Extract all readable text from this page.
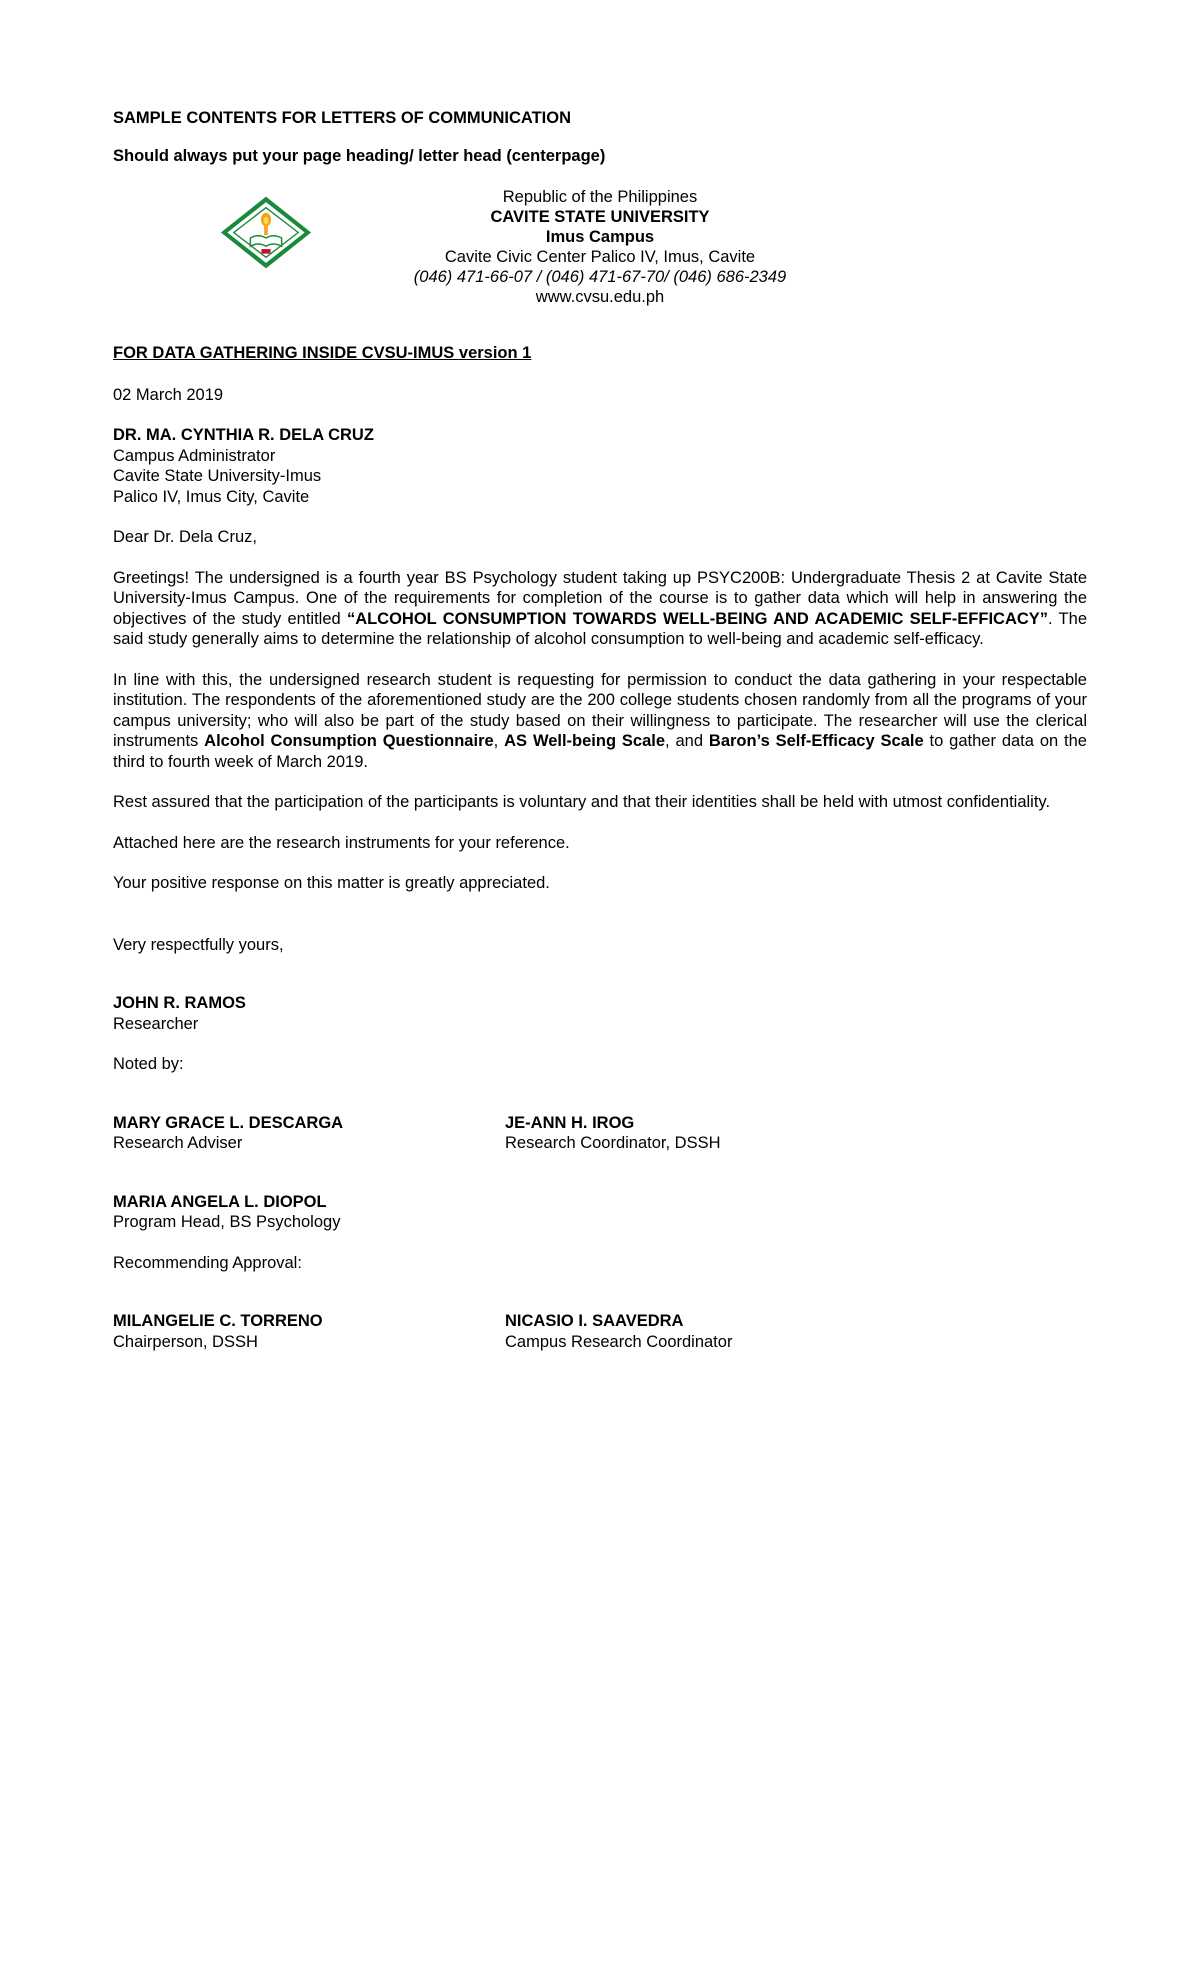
SAMPLE CONTENTS FOR LETTERS OF COMMUNICATION

Should always put your page heading/ letter head (centerpage)

Republic of the Philippines
CAVITE STATE UNIVERSITY
Imus Campus
Cavite Civic Center Palico IV, Imus, Cavite
(046) 471-66-07 / (046) 471-67-70/ (046) 686-2349
www.cvsu.edu.ph

FOR DATA GATHERING INSIDE CVSU-IMUS version 1

02 March 2019

DR. MA. CYNTHIA R. DELA CRUZ
Campus Administrator
Cavite State University-Imus
Palico IV, Imus City, Cavite

Dear Dr. Dela Cruz,

Greetings! The undersigned is a fourth year BS Psychology student taking up PSYC200B: Undergraduate Thesis 2 at Cavite State University-Imus Campus. One of the requirements for completion of the course is to gather data which will help in answering the objectives of the study entitled “ALCOHOL CONSUMPTION TOWARDS WELL-BEING AND ACADEMIC SELF-EFFICACY”. The said study generally aims to determine the relationship of alcohol consumption to well-being and academic self-efficacy.

In line with this, the undersigned research student is requesting for permission to conduct the data gathering in your respectable institution. The respondents of the aforementioned study are the 200 college students chosen randomly from all the programs of your campus university; who will also be part of the study based on their willingness to participate. The researcher will use the clerical instruments Alcohol Consumption Questionnaire, AS Well-being Scale, and Baron’s Self-Efficacy Scale to gather data on the third to fourth week of March 2019.

Rest assured that the participation of the participants is voluntary and that their identities shall be held with utmost confidentiality.

Attached here are the research instruments for your reference.

Your positive response on this matter is greatly appreciated.

Very respectfully yours,

JOHN R. RAMOS
Researcher

Noted by:

MARY GRACE L. DESCARGA
Research Adviser
JE-ANN H. IROG
Research Coordinator, DSSH
MARIA ANGELA L. DIOPOL
Program Head, BS Psychology

Recommending Approval:

MILANGELIE C. TORRENO
Chairperson, DSSH
NICASIO I. SAAVEDRA
Campus Research Coordinator
